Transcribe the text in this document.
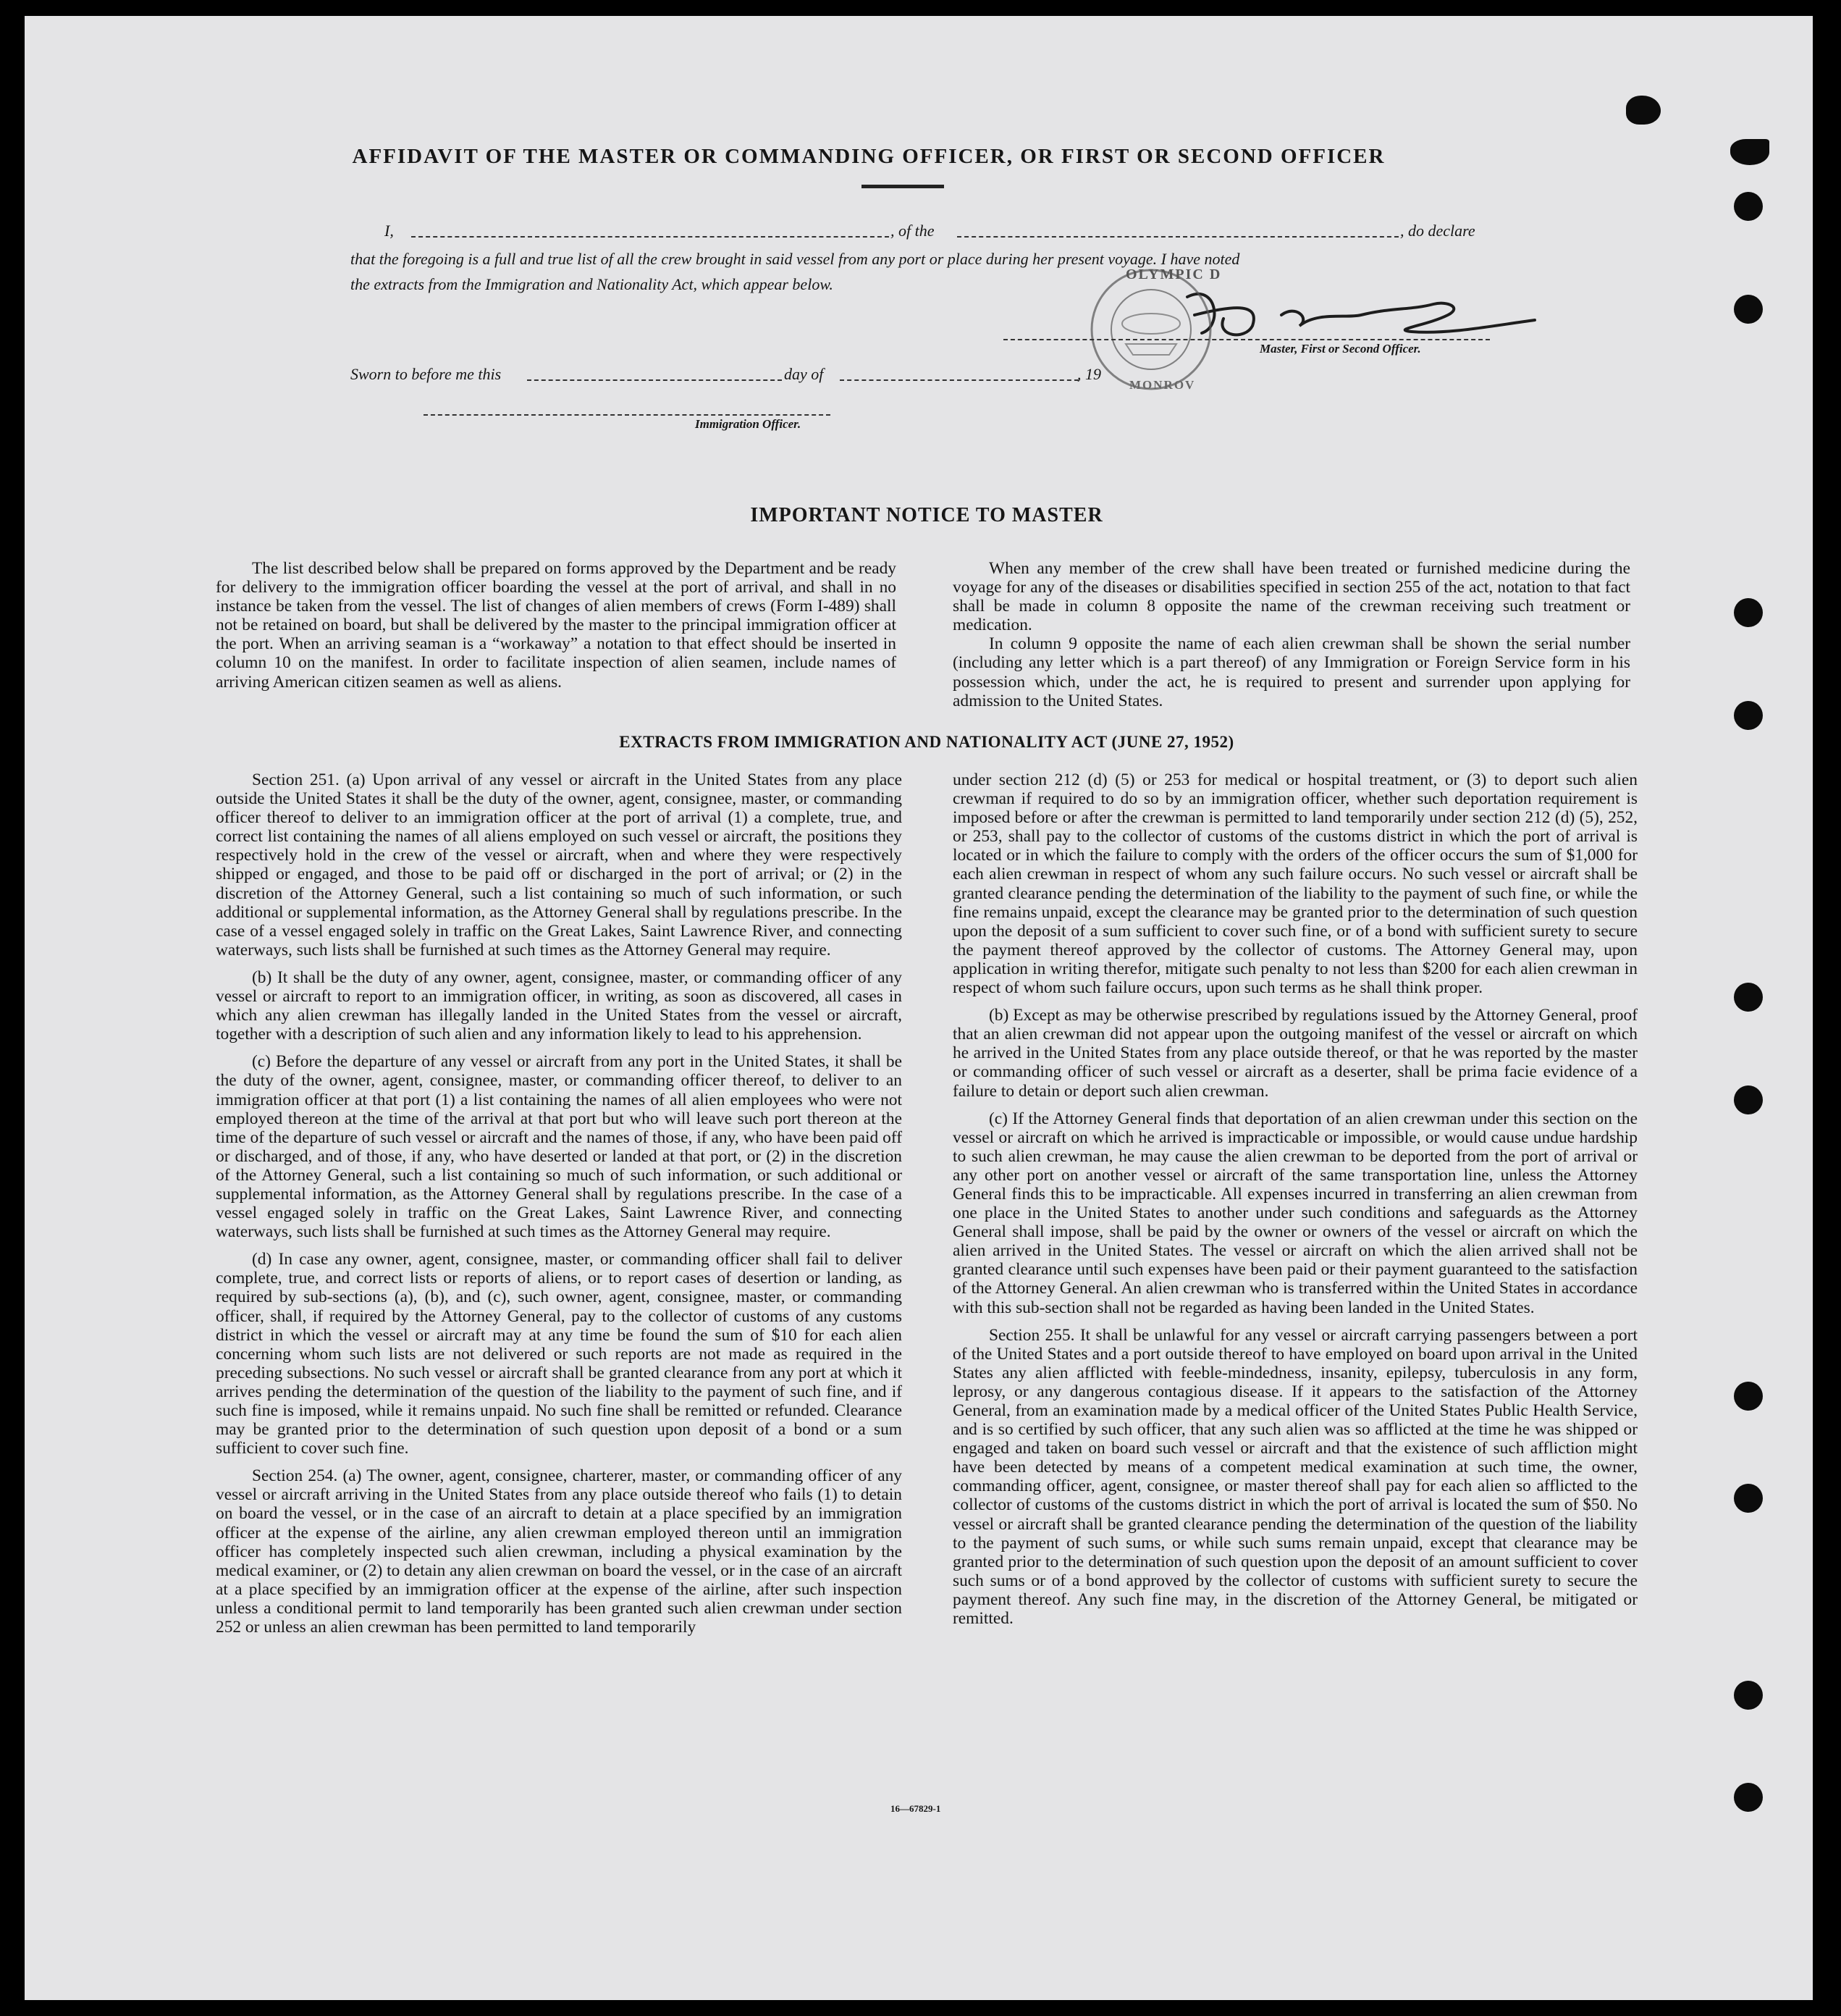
AFFIDAVIT OF THE MASTER OR COMMANDING OFFICER, OR FIRST OR SECOND OFFICER
I,	, of the	, do declare
that the foregoing is a full and true list of all the crew brought in said vessel from any port or place during her present voyage. I have noted
the extracts from the Immigration and Nationality Act, which appear below.
OLYMPIC D
MONROV
Master, First or Second Officer.
Sworn to before me this	day of	, 19
Immigration Officer.
IMPORTANT NOTICE TO MASTER

The list described below shall be prepared on forms approved by the Department and be ready for delivery to the immigration officer boarding the vessel at the port of arrival, and shall in no instance be taken from the vessel. The list of changes of alien members of crews (Form I-489) shall not be retained on board, but shall be delivered by the master to the principal immigration officer at the port. When an arriving seaman is a “workaway” a notation to that effect should be inserted in column 10 on the manifest. In order to facilitate inspection of alien seamen, include names of arriving American citizen seamen as well as aliens.

When any member of the crew shall have been treated or furnished medicine during the voyage for any of the diseases or disabilities specified in section 255 of the act, notation to that fact shall be made in column 8 opposite the name of the crewman receiving such treatment or medication.

In column 9 opposite the name of each alien crewman shall be shown the serial number (including any letter which is a part thereof) of any Immigration or Foreign Service form in his possession which, under the act, he is required to present and surrender upon applying for admission to the United States.

EXTRACTS FROM IMMIGRATION AND NATIONALITY ACT (JUNE 27, 1952)

Section 251. (a) Upon arrival of any vessel or aircraft in the United States from any place outside the United States it shall be the duty of the owner, agent, consignee, master, or commanding officer thereof to deliver to an immigration officer at the port of arrival (1) a complete, true, and correct list containing the names of all aliens employed on such vessel or aircraft, the positions they respectively hold in the crew of the vessel or aircraft, when and where they were respectively shipped or engaged, and those to be paid off or discharged in the port of arrival; or (2) in the discretion of the Attorney General, such a list containing so much of such information, or such additional or supplemental information, as the Attorney General shall by regulations prescribe. In the case of a vessel engaged solely in traffic on the Great Lakes, Saint Lawrence River, and connecting waterways, such lists shall be furnished at such times as the Attorney General may require.

(b) It shall be the duty of any owner, agent, consignee, master, or commanding officer of any vessel or aircraft to report to an immigration officer, in writing, as soon as discovered, all cases in which any alien crewman has illegally landed in the United States from the vessel or aircraft, together with a description of such alien and any information likely to lead to his apprehension.

(c) Before the departure of any vessel or aircraft from any port in the United States, it shall be the duty of the owner, agent, consignee, master, or commanding officer thereof, to deliver to an immigration officer at that port (1) a list containing the names of all alien employees who were not employed thereon at the time of the arrival at that port but who will leave such port thereon at the time of the departure of such vessel or aircraft and the names of those, if any, who have been paid off or discharged, and of those, if any, who have deserted or landed at that port, or (2) in the discretion of the Attorney General, such a list containing so much of such information, or such additional or supplemental information, as the Attorney General shall by regulations prescribe. In the case of a vessel engaged solely in traffic on the Great Lakes, Saint Lawrence River, and connecting waterways, such lists shall be furnished at such times as the Attorney General may require.

(d) In case any owner, agent, consignee, master, or commanding officer shall fail to deliver complete, true, and correct lists or reports of aliens, or to report cases of desertion or landing, as required by sub-sections (a), (b), and (c), such owner, agent, consignee, master, or commanding officer, shall, if required by the Attorney General, pay to the collector of customs of any customs district in which the vessel or aircraft may at any time be found the sum of $10 for each alien concerning whom such lists are not delivered or such reports are not made as required in the preceding subsections. No such vessel or aircraft shall be granted clearance from any port at which it arrives pending the determination of the question of the liability to the payment of such fine, and if such fine is imposed, while it remains unpaid. No such fine shall be remitted or refunded. Clearance may be granted prior to the determination of such question upon deposit of a bond or a sum sufficient to cover such fine.

Section 254. (a) The owner, agent, consignee, charterer, master, or commanding officer of any vessel or aircraft arriving in the United States from any place outside thereof who fails (1) to detain on board the vessel, or in the case of an aircraft to detain at a place specified by an immigration officer at the expense of the airline, any alien crewman employed thereon until an immigration officer has completely inspected such alien crewman, including a physical examination by the medical examiner, or (2) to detain any alien crewman on board the vessel, or in the case of an aircraft at a place specified by an immigration officer at the expense of the airline, after such inspection unless a conditional permit to land temporarily has been granted such alien crewman under section 252 or unless an alien crewman has been permitted to land temporarily

under section 212 (d) (5) or 253 for medical or hospital treatment, or (3) to deport such alien crewman if required to do so by an immigration officer, whether such deportation requirement is imposed before or after the crewman is permitted to land temporarily under section 212 (d) (5), 252, or 253, shall pay to the collector of customs of the customs district in which the port of arrival is located or in which the failure to comply with the orders of the officer occurs the sum of $1,000 for each alien crewman in respect of whom any such failure occurs. No such vessel or aircraft shall be granted clearance pending the determination of the liability to the payment of such fine, or while the fine remains unpaid, except the clearance may be granted prior to the determination of such question upon the deposit of a sum sufficient to cover such fine, or of a bond with sufficient surety to secure the payment thereof approved by the collector of customs. The Attorney General may, upon application in writing therefor, mitigate such penalty to not less than $200 for each alien crewman in respect of whom such failure occurs, upon such terms as he shall think proper.

(b) Except as may be otherwise prescribed by regulations issued by the Attorney General, proof that an alien crewman did not appear upon the outgoing manifest of the vessel or aircraft on which he arrived in the United States from any place outside thereof, or that he was reported by the master or commanding officer of such vessel or aircraft as a deserter, shall be prima facie evidence of a failure to detain or deport such alien crewman.

(c) If the Attorney General finds that deportation of an alien crewman under this section on the vessel or aircraft on which he arrived is impracticable or impossible, or would cause undue hardship to such alien crewman, he may cause the alien crewman to be deported from the port of arrival or any other port on another vessel or aircraft of the same transportation line, unless the Attorney General finds this to be impracticable. All expenses incurred in transferring an alien crewman from one place in the United States to another under such conditions and safeguards as the Attorney General shall impose, shall be paid by the owner or owners of the vessel or aircraft on which the alien arrived in the United States. The vessel or aircraft on which the alien arrived shall not be granted clearance until such expenses have been paid or their payment guaranteed to the satisfaction of the Attorney General. An alien crewman who is transferred within the United States in accordance with this sub-section shall not be regarded as having been landed in the United States.

Section 255. It shall be unlawful for any vessel or aircraft carrying passengers between a port of the United States and a port outside thereof to have employed on board upon arrival in the United States any alien afflicted with feeble-mindedness, insanity, epilepsy, tuberculosis in any form, leprosy, or any dangerous contagious disease. If it appears to the satisfaction of the Attorney General, from an examination made by a medical officer of the United States Public Health Service, and is so certified by such officer, that any such alien was so afflicted at the time he was shipped or engaged and taken on board such vessel or aircraft and that the existence of such affliction might have been detected by means of a competent medical examination at such time, the owner, commanding officer, agent, consignee, or master thereof shall pay for each alien so afflicted to the collector of customs of the customs district in which the port of arrival is located the sum of $50. No vessel or aircraft shall be granted clearance pending the determination of the question of the liability to the payment of such sums, or while such sums remain unpaid, except that clearance may be granted prior to the determination of such question upon the deposit of an amount sufficient to cover such sums or of a bond approved by the collector of customs with sufficient surety to secure the payment thereof. Any such fine may, in the discretion of the Attorney General, be mitigated or remitted.

16—67829-1
